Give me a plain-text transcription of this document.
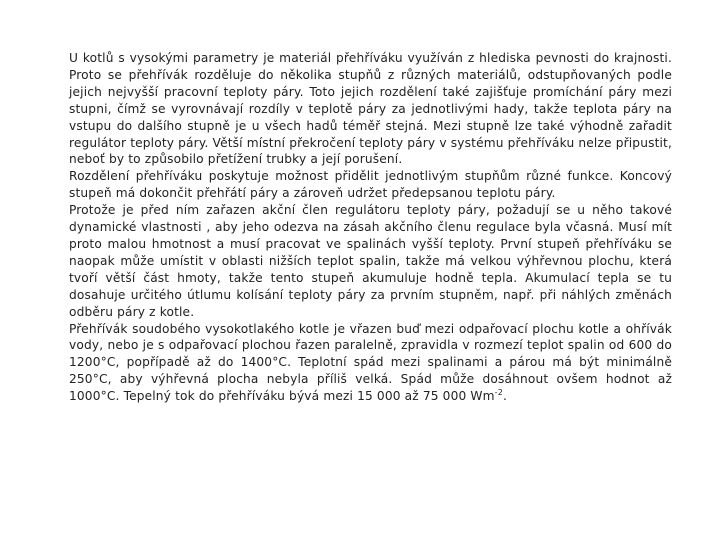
U kotlů s vysokými parametry je materiál přehříváku využíván z hlediska pevnosti do krajnosti. Proto se přehřívák rozděluje do několika stupňů z různých materiálů, odstupňovaných podle jejich nejvyšší pracovní teploty páry. Toto jejich rozdělení také zajišťuje promíchání páry mezi stupni, čímž se vyrovnávají rozdíly v teplotě páry za jednotlivými hady, takže teplota páry na vstupu do dalšího stupně je u všech hadů téměř stejná. Mezi stupně lze také výhodně zařadit regulátor teploty páry. Větší místní překročení teploty páry v systému přehříváku nelze připustit, neboť by to způsobilo přetížení trubky a její porušení.

Rozdělení přehříváku poskytuje možnost přidělit jednotlivým stupňům různé funkce. Koncový stupeň má dokončit přehřátí páry a zároveň udržet předepsanou teplotu páry.

Protože je před ním zařazen akční člen regulátoru teploty páry, požadují se u něho takové dynamické vlastnosti , aby jeho odezva na zásah akčního členu regulace byla včasná. Musí mít proto malou hmotnost a musí pracovat ve spalinách vyšší teploty. První stupeň přehříváku se naopak může umístit v oblasti nižších teplot spalin, takže má velkou výhřevnou plochu, která tvoří větší část hmoty, takže tento stupeň akumuluje hodně tepla. Akumulací tepla se tu dosahuje určitého útlumu kolísání teploty páry za prvním stupněm, např. při náhlých změnách odběru páry z kotle.

Přehřívák soudobého vysokotlakého kotle je vřazen buď mezi odpařovací plochu kotle a ohřívák vody, nebo je s odpařovací plochou řazen paralelně, zpravidla v rozmezí teplot spalin od 600 do 1200°C, popřípadě až do 1400°C. Teplotní spád mezi spalinami a párou má být minimálně 250°C, aby výhřevná plocha nebyla příliš velká. Spád může dosáhnout ovšem hodnot až 1000°C. Tepelný tok do přehříváku bývá mezi 15 000 až 75 000 $Wm^{-2}$.
